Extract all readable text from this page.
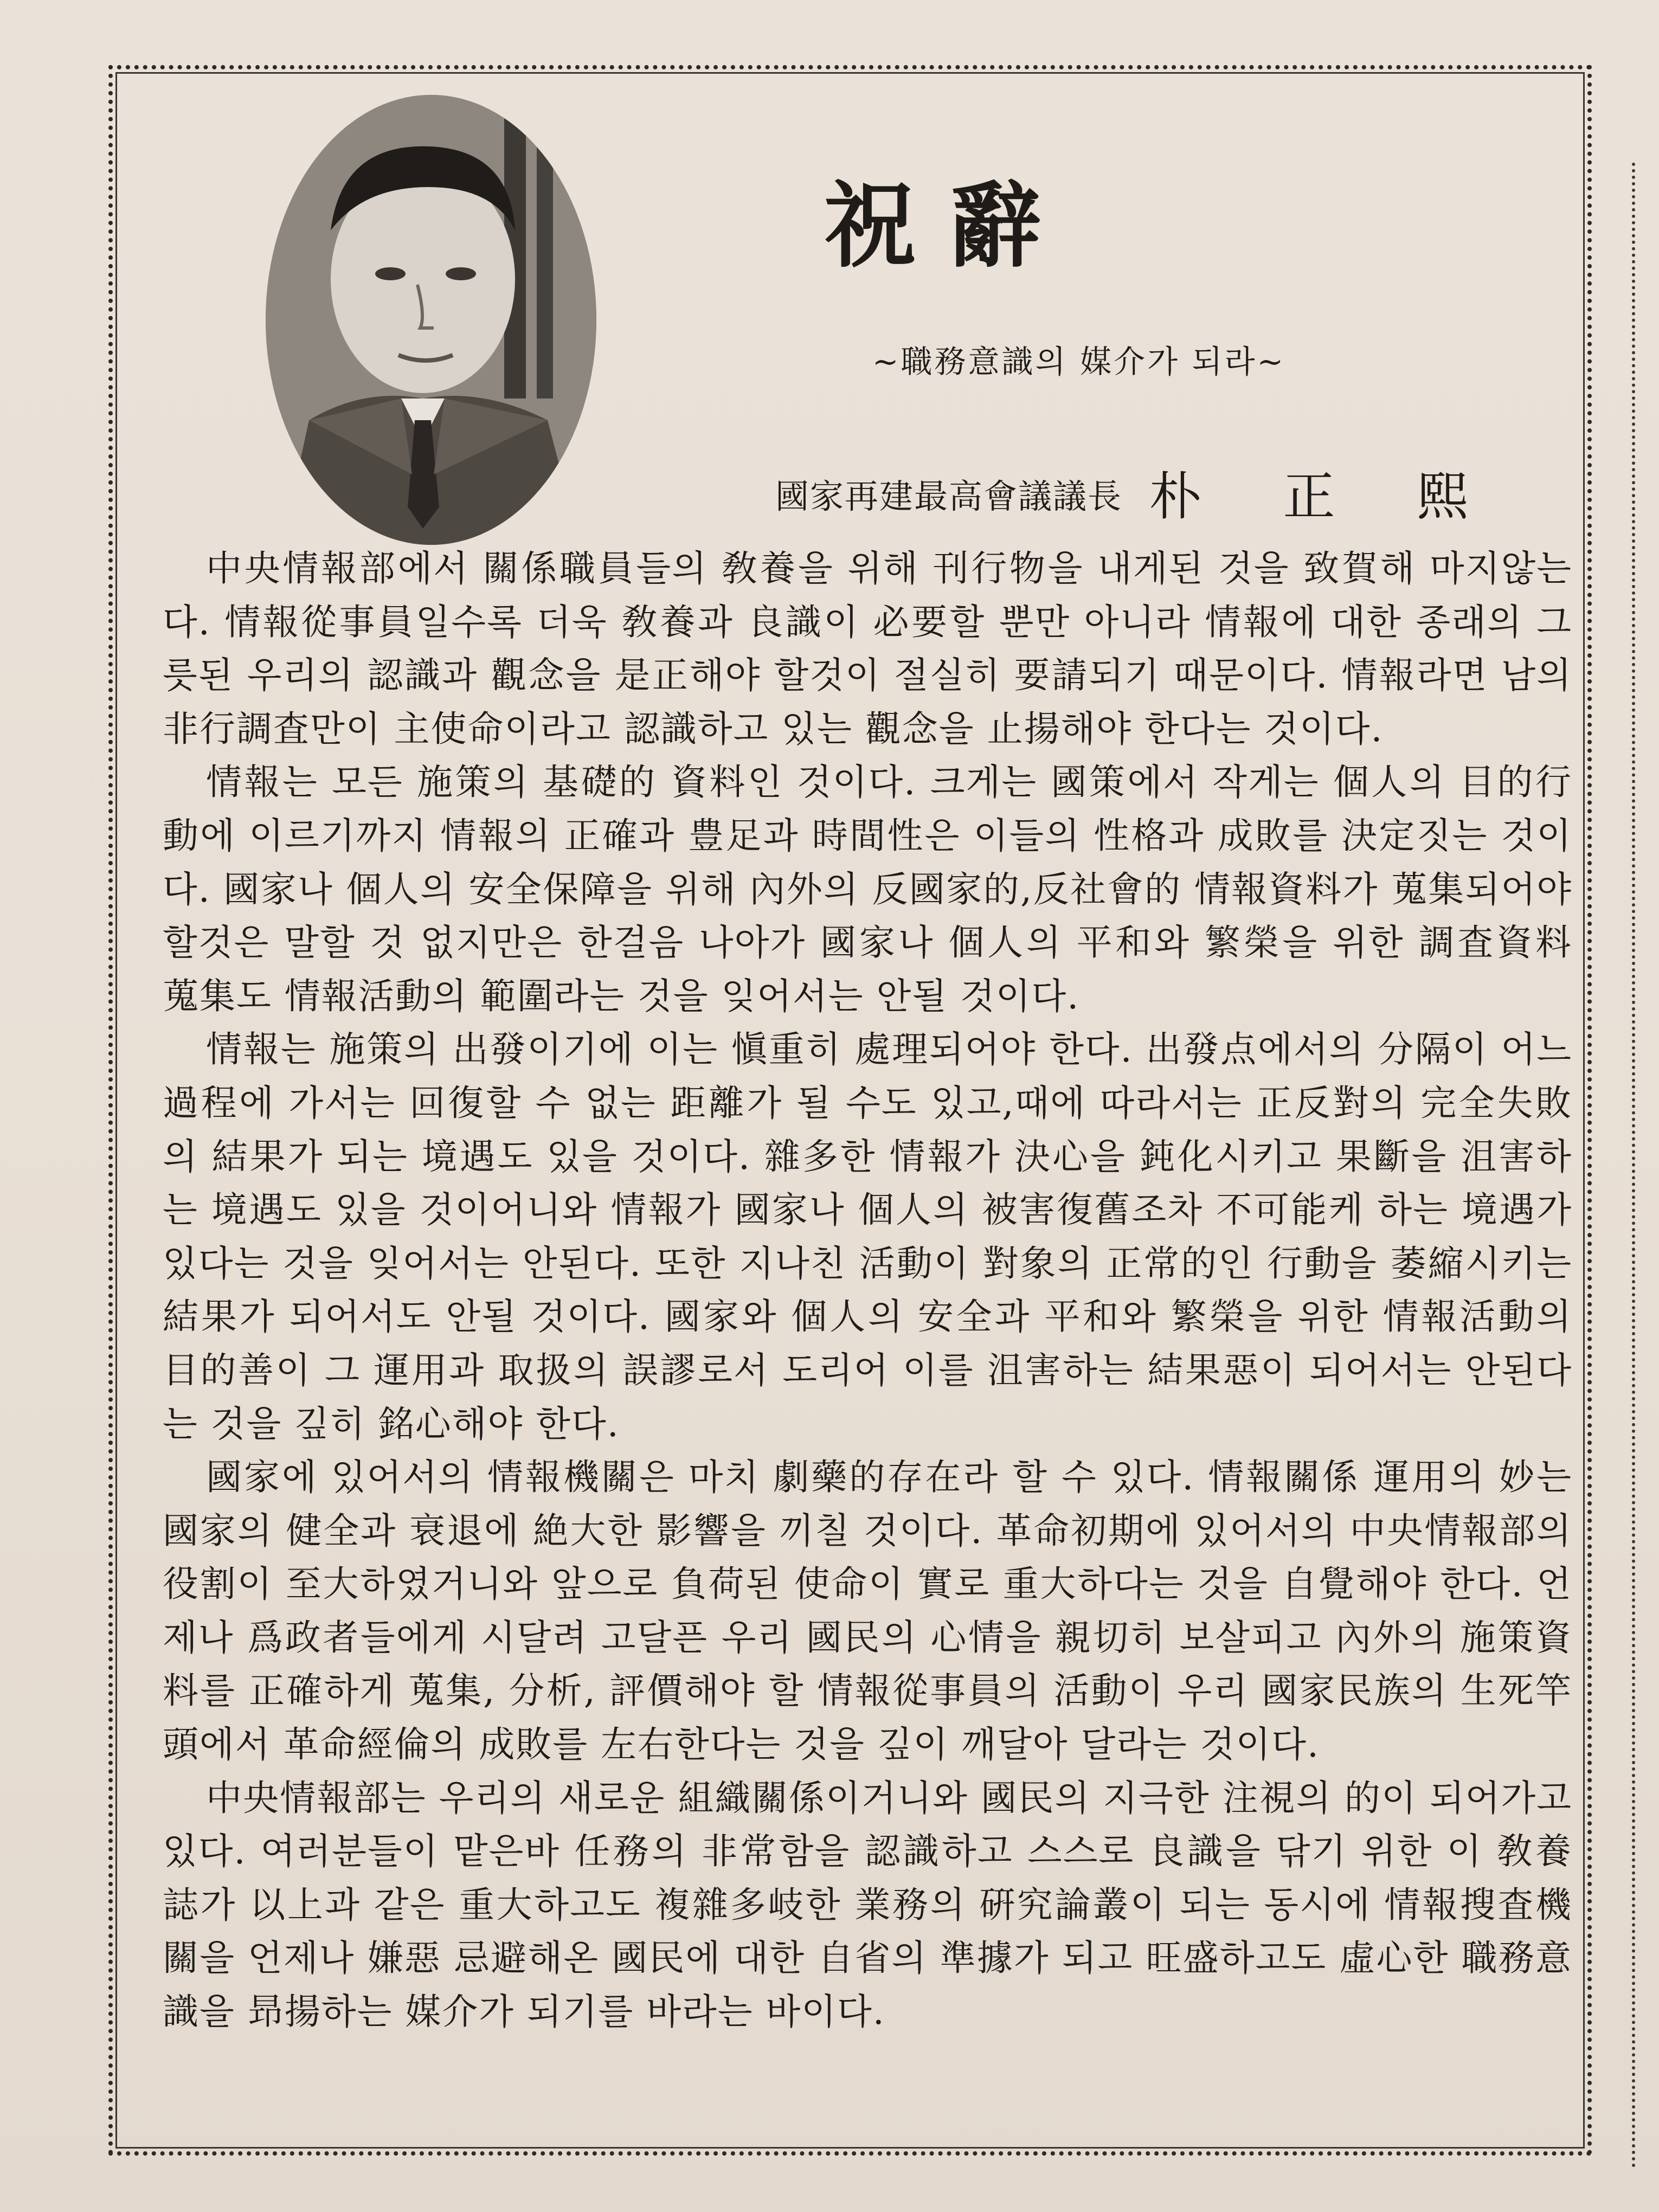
祝辭
~職務意識의 媒介가 되라~
國家再建最高會議議長 朴 正 熙

中央情報部에서 關係職員들의 敎養을 위해 刊行物을 내게된 것을 致賀해 마지않는다. 情報從事員일수록 더욱 敎養과 良識이 必要할 뿐만 아니라 情報에 대한 종래의 그릇된 우리의 認識과 觀念을 是正해야 할것이 절실히 要請되기 때문이다. 情報라면 남의 非行調査만이 主使命이라고 認識하고 있는 觀念을 止揚해야 한다는 것이다.

情報는 모든 施策의 基礎的 資料인 것이다. 크게는 國策에서 작게는 個人의 目的行動에 이르기까지 情報의 正確과 豊足과 時間性은 이들의 性格과 成敗를 決定짓는 것이다. 國家나 個人의 安全保障을 위해 內外의 反國家的,反社會的 情報資料가 蒐集되어야 할것은 말할 것 없지만은 한걸음 나아가 國家나 個人의 平和와 繁榮을 위한 調査資料 蒐集도 情報活動의 範圍라는 것을 잊어서는 안될 것이다.

情報는 施策의 出發이기에 이는 愼重히 處理되어야 한다. 出發点에서의 分隔이 어느 過程에 가서는 回復할 수 없는 距離가 될 수도 있고,때에 따라서는 正反對의 完全失敗의 結果가 되는 境遇도 있을 것이다. 雜多한 情報가 決心을 鈍化시키고 果斷을 沮害하는 境遇도 있을 것이어니와 情報가 國家나 個人의 被害復舊조차 不可能케 하는 境遇가 있다는 것을 잊어서는 안된다. 또한 지나친 活動이 對象의 正常的인 行動을 萎縮시키는 結果가 되어서도 안될 것이다. 國家와 個人의 安全과 平和와 繁榮을 위한 情報活動의 目的善이 그 運用과 取扱의 誤謬로서 도리어 이를 沮害하는 結果惡이 되어서는 안된다는 것을 깊히 銘心해야 한다.

國家에 있어서의 情報機關은 마치 劇藥的存在라 할 수 있다. 情報關係 運用의 妙는 國家의 健全과 衰退에 絶大한 影響을 끼칠 것이다. 革命初期에 있어서의 中央情報部의 役割이 至大하였거니와 앞으로 負荷된 使命이 實로 重大하다는 것을 自覺해야 한다. 언제나 爲政者들에게 시달려 고달픈 우리 國民의 心情을 親切히 보살피고 內外의 施策資料를 正確하게 蒐集, 分析, 評價해야 할 情報從事員의 活動이 우리 國家民族의 生死竿頭에서 革命經倫의 成敗를 左右한다는 것을 깊이 깨달아 달라는 것이다.

中央情報部는 우리의 새로운 組織關係이거니와 國民의 지극한 注視의 的이 되어가고 있다. 여러분들이 맡은바 任務의 非常함을 認識하고 스스로 良識을 닦기 위한 이 敎養誌가 以上과 같은 重大하고도 複雜多岐한 業務의 硏究論叢이 되는 동시에 情報搜査機關을 언제나 嫌惡 忌避해온 國民에 대한 自省의 準據가 되고 旺盛하고도 虛心한 職務意識을 昻揚하는 媒介가 되기를 바라는 바이다.
